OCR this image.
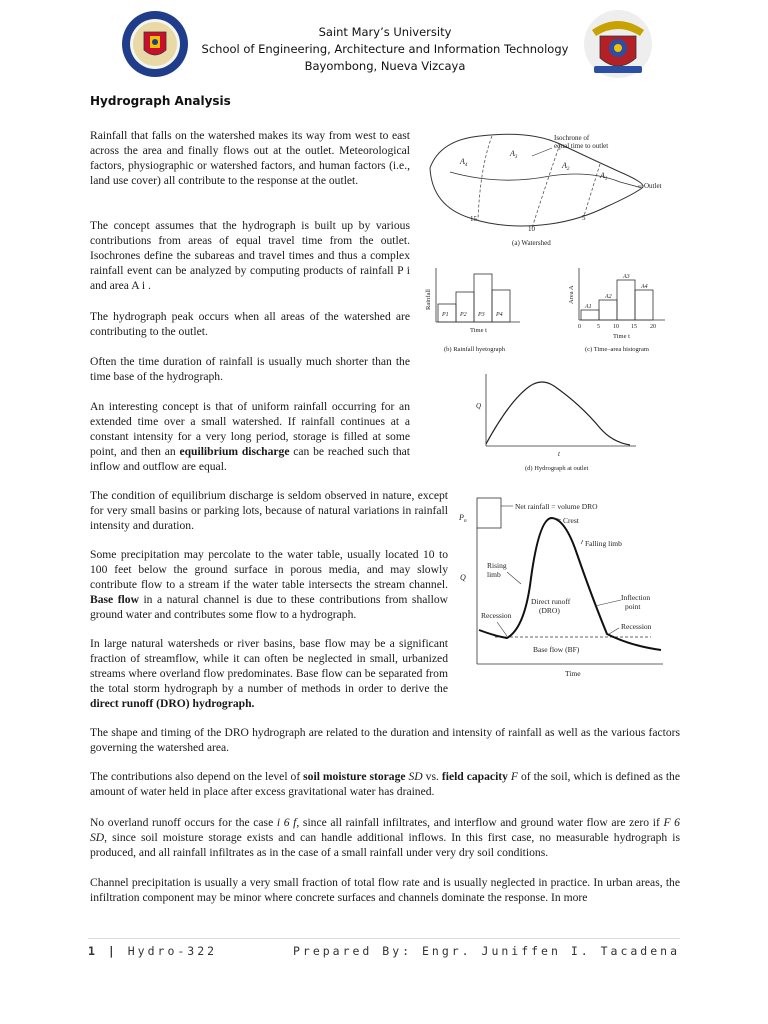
Saint Mary’s University
School of Engineering, Architecture and Information Technology
Bayombong, Nueva Vizcaya
Hydrograph Analysis

Rainfall that falls on the watershed makes its way from west to east across the area and finally flows out at the outlet. Meteorological factors, physiographic or watershed factors, and human factors (i.e., land use cover) all contribute to the response at the outlet.

The concept assumes that the hydrograph is built up by various contributions from areas of equal travel time from the outlet. Isochrones define the subareas and travel times and thus a complex rainfall event can be analyzed by computing products of rainfall P i and area A i .

The hydrograph peak occurs when all areas of the watershed are contributing to the outlet.

Often the time duration of rainfall is usually much shorter than the time base of the hydrograph.

An interesting concept is that of uniform rainfall occurring for an extended time over a small watershed. If rainfall continues at a constant intensity for a very long period, storage is filled at some point, and then an equilibrium discharge can be reached such that inflow and outflow are equal.

The condition of equilibrium discharge is seldom observed in nature, except for very small basins or parking lots, because of natural variations in rainfall intensity and duration.

Some precipitation may percolate to the water table, usually located 10 to 100 feet below the ground surface in porous media, and may slowly contribute flow to a stream if the water table intersects the stream channel. Base flow in a natural channel is due to these contributions from shallow ground water and contributes some flow to a hydrograph.

In large natural watersheds or river basins, base flow may be a significant fraction of streamflow, while it can often be neglected in small, urbanized streams where overland flow predominates. Base flow can be separated from the total storm hydrograph by a number of methods in order to derive the direct runoff (DRO) hydrograph.

The shape and timing of the DRO hydrograph are related to the duration and intensity of rainfall as well as the various factors governing the watershed area.

The contributions also depend on the level of soil moisture storage SD vs. field capacity F of the soil, which is defined as the amount of water held in place after excess gravitational water has drained.

No overland runoff occurs for the case i 6 f, since all rainfall infiltrates, and interflow and ground water flow are zero if F 6 SD, since soil moisture storage exists and can handle additional inflows. In this first case, no measurable hydrograph is produced, and all rainfall infiltrates as in the case of a small rainfall under very dry soil conditions.

Channel precipitation is usually a very small fraction of total flow rate and is usually neglected in practice. In urban areas, the infiltration component may be minor where concrete surfaces and channels dominate the response. In more

Isochrone of
equal time to outlet
Outlet
$A_4$
$A_3$
$A_2$
$A_1$
15
10
5
(a) Watershed
Rainfall
P1 P2 P3 P4
Time t
(b) Rainfall hyetograph
Area A
A1
A2
A3
A4
0	5 10 15 20
Time t
(c) Time–area histogram
Q
t
(d) Hydrograph at outlet
$P_n$
Q
Net rainfall = volume DRO
Crest
Falling limb
Rising
limb
Direct runoff
(DRO)
Inflection
point
Recession
Recession
Base flow (BF)
Time
1 | Hydro-322	Prepared By: Engr. Juniffen I. Tacadena
